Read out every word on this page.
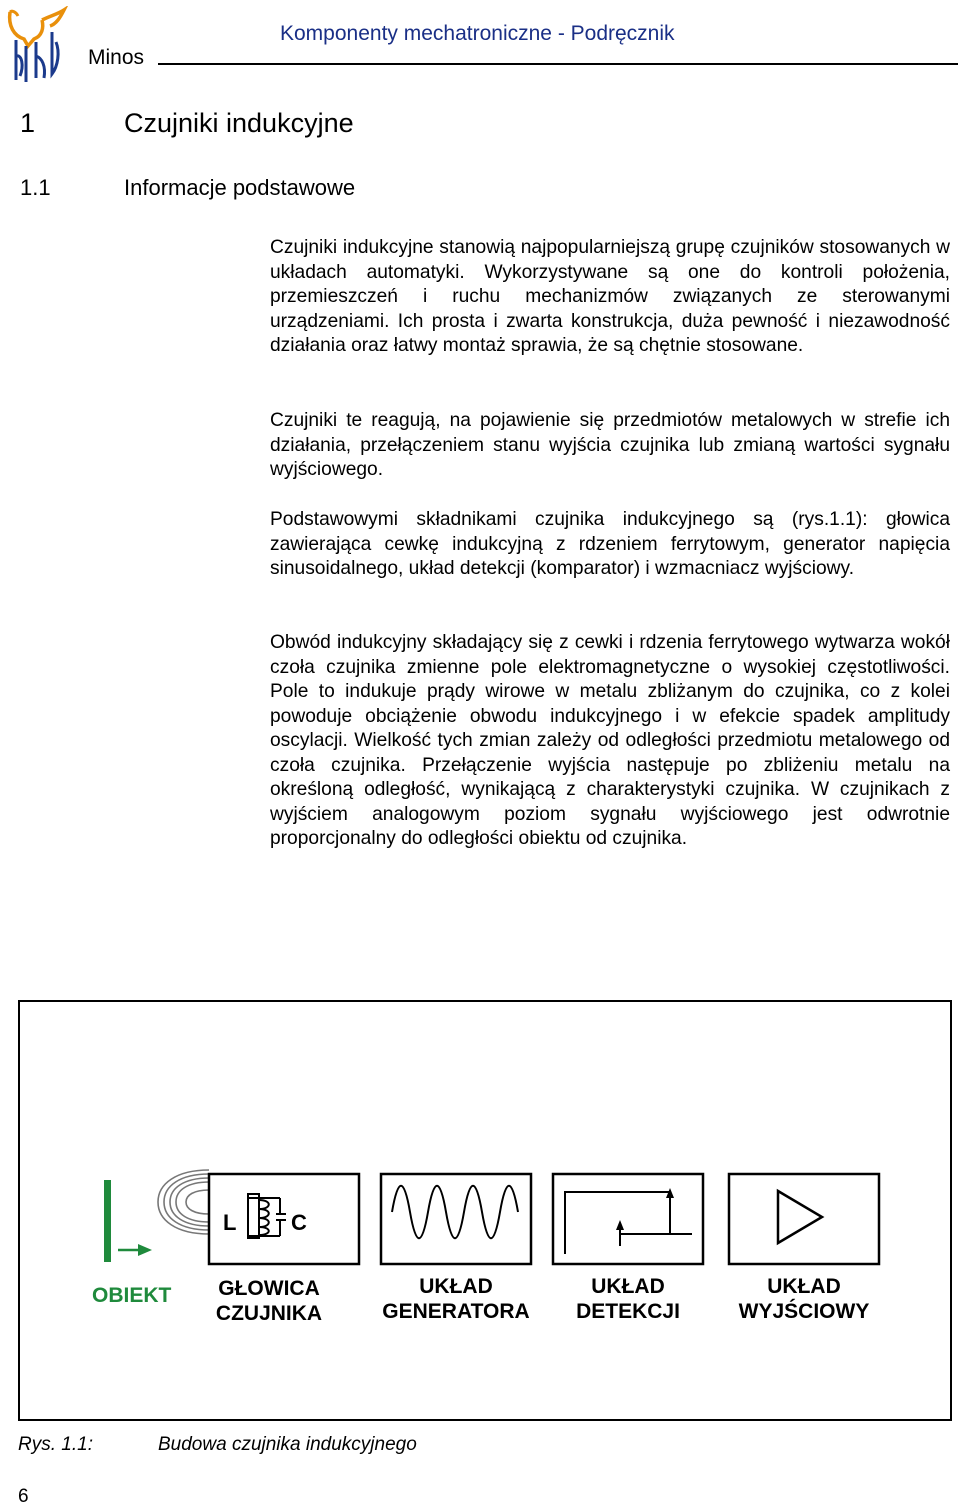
Minos
Komponenty mechatroniczne - Podręcznik
1	Czujniki indukcyjne
1.1	Informacje podstawowe

Czujniki indukcyjne stanowią najpopularniejszą grupę czujników stosowanych w układach automatyki. Wykorzystywane są one do kontroli położenia, przemieszczeń i ruchu mechanizmów związanych ze sterowanymi urządzeniami. Ich prosta i zwarta konstrukcja, duża pewność i niezawodność działania oraz łatwy montaż sprawia, że są chętnie stosowane.

Czujniki te reagują, na pojawienie się przedmiotów metalowych w strefie ich działania, przełączeniem stanu wyjścia czujnika lub zmianą wartości sygnału wyjściowego.

Podstawowymi składnikami czujnika indukcyjnego są (rys.1.1): głowica zawierająca cewkę indukcyjną z rdzeniem ferrytowym, generator napięcia sinusoidalnego, układ detekcji (komparator) i wzmacniacz wyjściowy.

Obwód indukcyjny składający się z cewki i rdzenia ferrytowego wytwarza wokół czoła czujnika zmienne pole elektromagnetyczne o wysokiej częstotliwości. Pole to indukuje prądy wirowe w metalu zbliżanym do czujnika, co z kolei powoduje obciążenie obwodu indukcyjnego i w efekcie spadek amplitudy oscylacji. Wielkość tych zmian zależy od odległości przedmiotu metalowego od czoła czujnika. Przełączenie wyjścia następuje po zbliżeniu metalu na określoną odległość, wynikającą z charakterystyki czujnika. W czujnikach z wyjściem analogowym poziom sygnału wyjściowego jest odwrotnie proporcjonalny do odległości obiektu od czujnika.

L C
OBIEKT	GŁOWICA
CZUJNIKA
UKŁAD
GENERATORA
UKŁAD
DETEKCJI
UKŁAD
WYJŚCIOWY
Rys. 1.1:	Budowa czujnika indukcyjnego
6
